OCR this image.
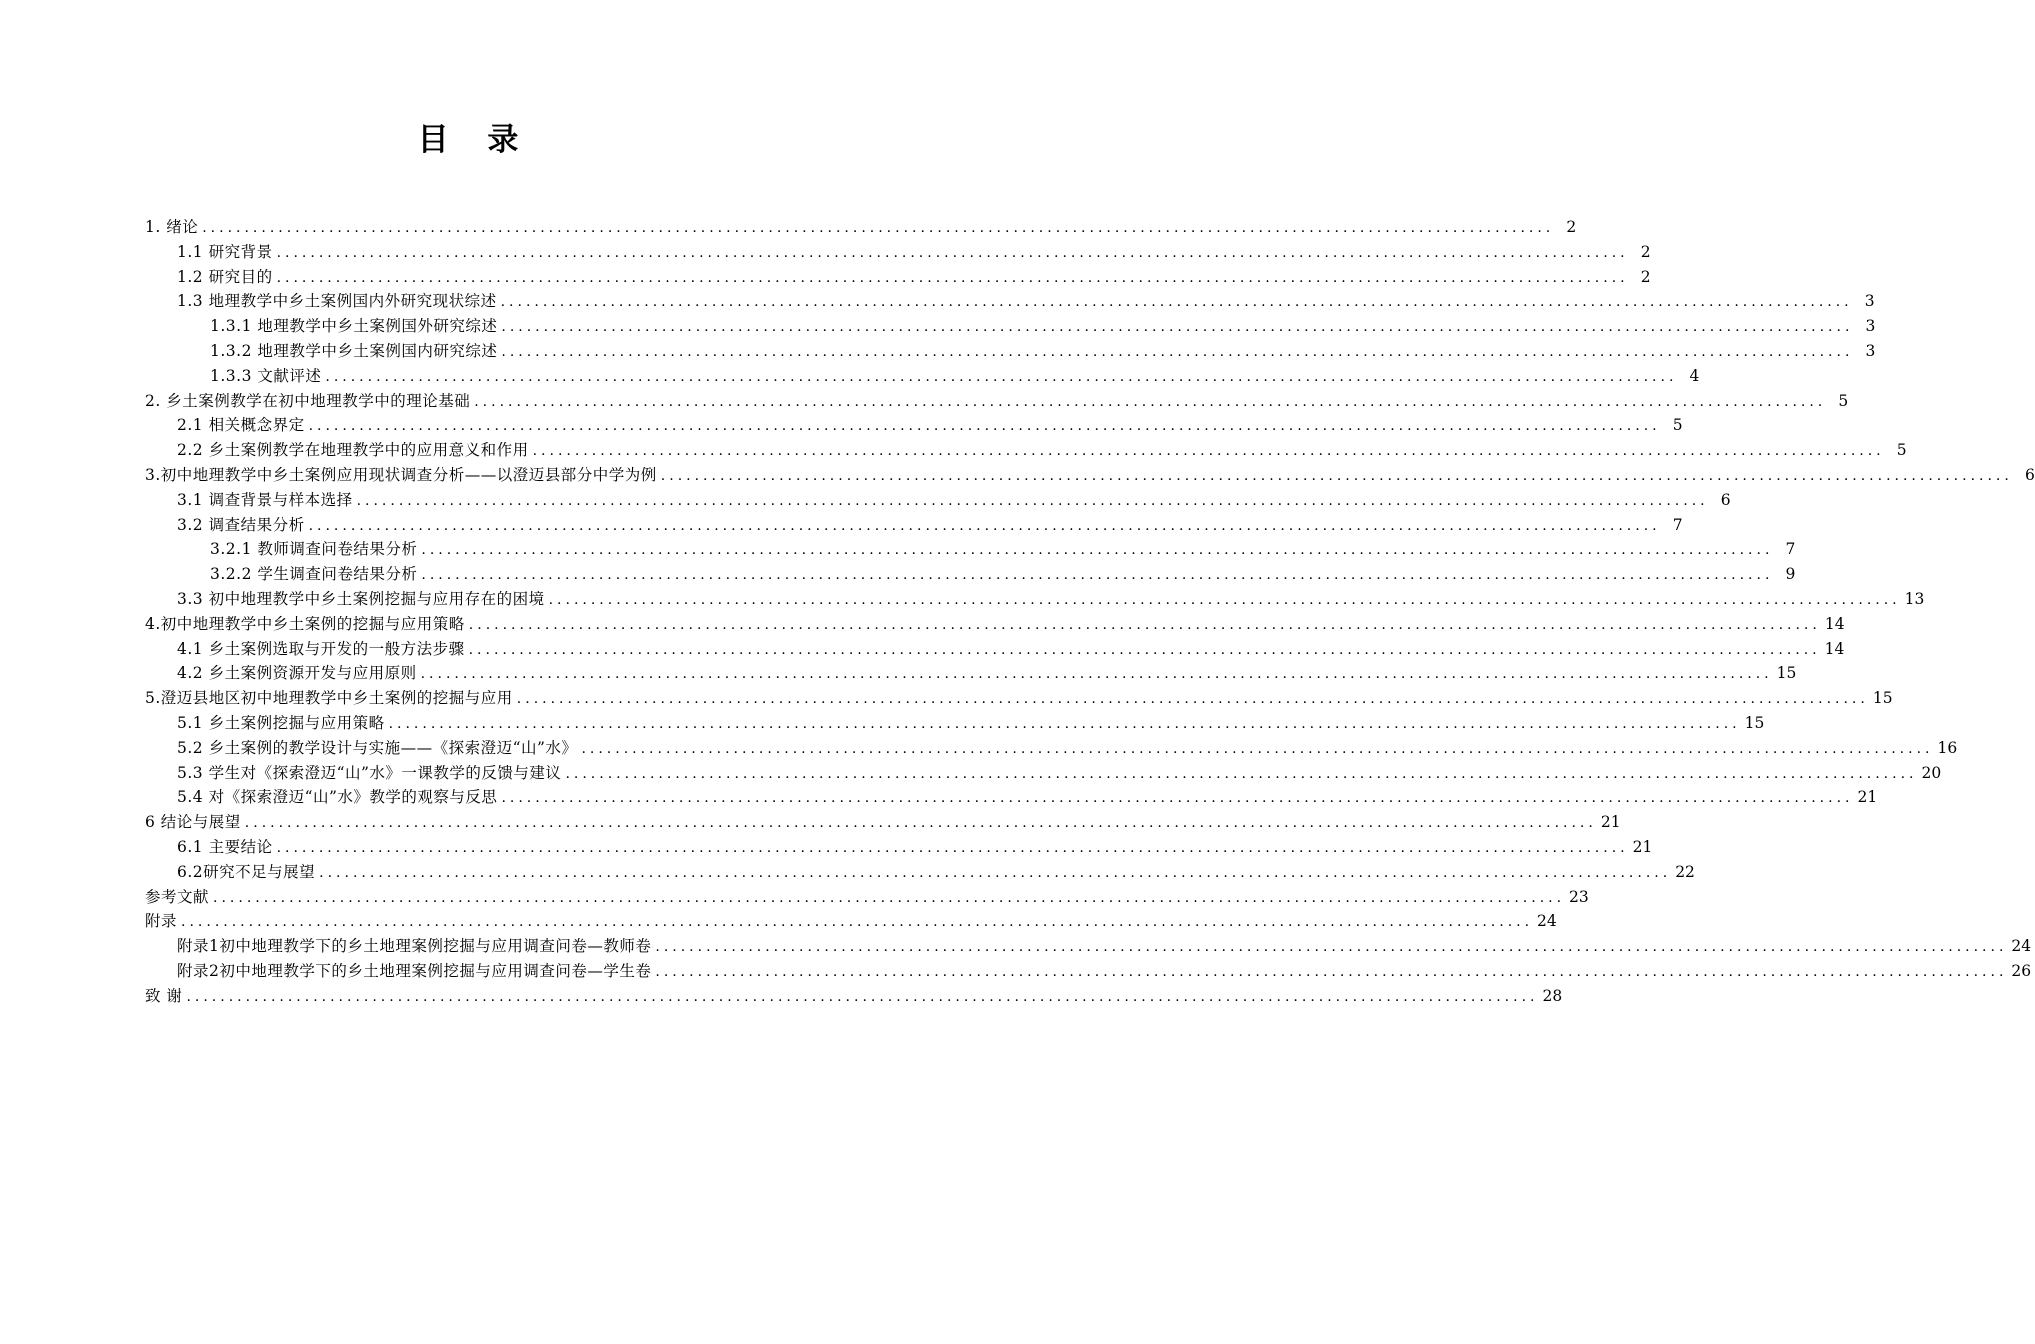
目 录
1. 绪论 ................................................................................................................................................................ 2
1.1 研究背景 ................................................................................................................................................................ 2
1.2 研究目的 ................................................................................................................................................................ 2
1.3 地理教学中乡土案例国内外研究现状综述 ................................................................................................................................................................ 3
1.3.1 地理教学中乡土案例国外研究综述 ................................................................................................................................................................ 3
1.3.2 地理教学中乡土案例国内研究综述 ................................................................................................................................................................ 3
1.3.3 文献评述 ................................................................................................................................................................ 4
2. 乡土案例教学在初中地理教学中的理论基础 ................................................................................................................................................................ 5
2.1 相关概念界定 ................................................................................................................................................................ 5
2.2 乡土案例教学在地理教学中的应用意义和作用 ................................................................................................................................................................ 5
3.初中地理教学中乡土案例应用现状调查分析——以澄迈县部分中学为例 ................................................................................................................................................................ 6
3.1 调查背景与样本选择 ................................................................................................................................................................ 6
3.2 调查结果分析 ................................................................................................................................................................ 7
3.2.1 教师调查问卷结果分析 ................................................................................................................................................................ 7
3.2.2 学生调查问卷结果分析 ................................................................................................................................................................ 9
3.3 初中地理教学中乡土案例挖掘与应用存在的困境 ................................................................................................................................................................ 13
4.初中地理教学中乡土案例的挖掘与应用策略 ................................................................................................................................................................ 14
4.1 乡土案例选取与开发的一般方法步骤 ................................................................................................................................................................ 14
4.2 乡土案例资源开发与应用原则 ................................................................................................................................................................ 15
5.澄迈县地区初中地理教学中乡土案例的挖掘与应用 ................................................................................................................................................................ 15
5.1 乡土案例挖掘与应用策略 ................................................................................................................................................................ 15
5.2 乡土案例的教学设计与实施——《探索澄迈“山”水》 ................................................................................................................................................................ 16
5.3 学生对《探索澄迈“山”水》一课教学的反馈与建议 ................................................................................................................................................................ 20
5.4 对《探索澄迈“山”水》教学的观察与反思 ................................................................................................................................................................ 21
6 结论与展望 ................................................................................................................................................................ 21
6.1 主要结论 ................................................................................................................................................................ 21
6.2研究不足与展望 ................................................................................................................................................................ 22
参考文献 ................................................................................................................................................................ 23
附录 ................................................................................................................................................................ 24
附录1初中地理教学下的乡土地理案例挖掘与应用调查问卷—教师卷 ................................................................................................................................................................ 24
附录2初中地理教学下的乡土地理案例挖掘与应用调查问卷—学生卷 ................................................................................................................................................................ 26
致 谢 ................................................................................................................................................................ 28
